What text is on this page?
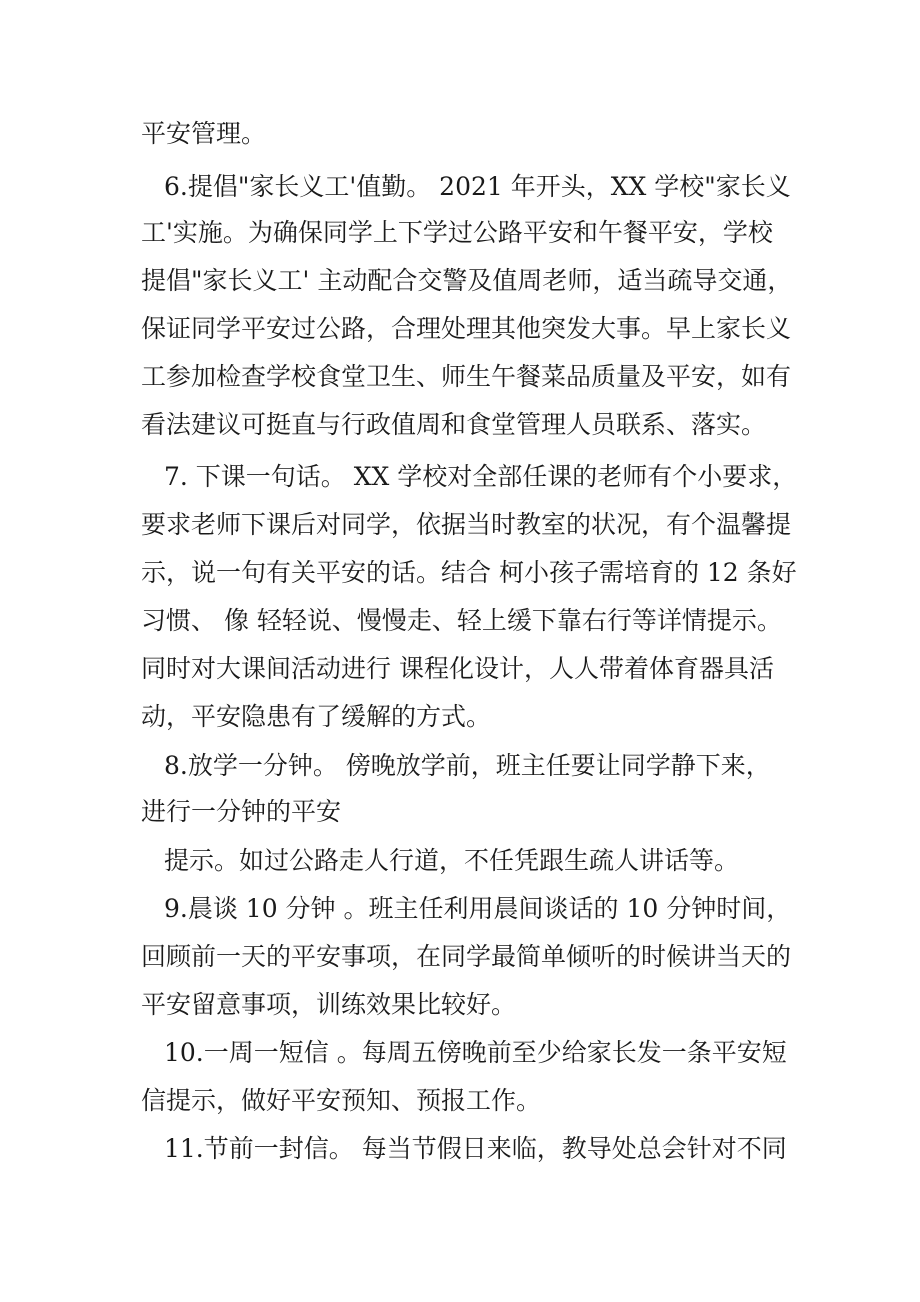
平安管理。
6.提倡"家长义工'值勤。 2021 年开头，XX 学校"家长义
工'实施。为确保同学上下学过公路平安和午餐平安，学校
提倡"家长义工' 主动配合交警及值周老师，适当疏导交通，
保证同学平安过公路，合理处理其他突发大事。早上家长义
工参加检查学校食堂卫生、师生午餐菜品质量及平安，如有
看法建议可挺直与行政值周和食堂管理人员联系、落实。
7. 下课一句话。 XX 学校对全部任课的老师有个小要求，
要求老师下课后对同学，依据当时教室的状况，有个温馨提
示，说一句有关平安的话。结合 柯小孩子需培育的 12 条好
习惯、 像 轻轻说、慢慢走、轻上缓下靠右行等详情提示。
同时对大课间活动进行 课程化设计，人人带着体育器具活
动，平安隐患有了缓解的方式。
8.放学一分钟。 傍晚放学前，班主任要让同学静下来，
进行一分钟的平安
提示。如过公路走人行道，不任凭跟生疏人讲话等。
9.晨谈 10 分钟 。班主任利用晨间谈话的 10 分钟时间，
回顾前一天的平安事项，在同学最简单倾听的时候讲当天的
平安留意事项，训练效果比较好。
10.一周一短信 。每周五傍晚前至少给家长发一条平安短
信提示，做好平安预知、预报工作。
11.节前一封信。 每当节假日来临，教导处总会针对不同
